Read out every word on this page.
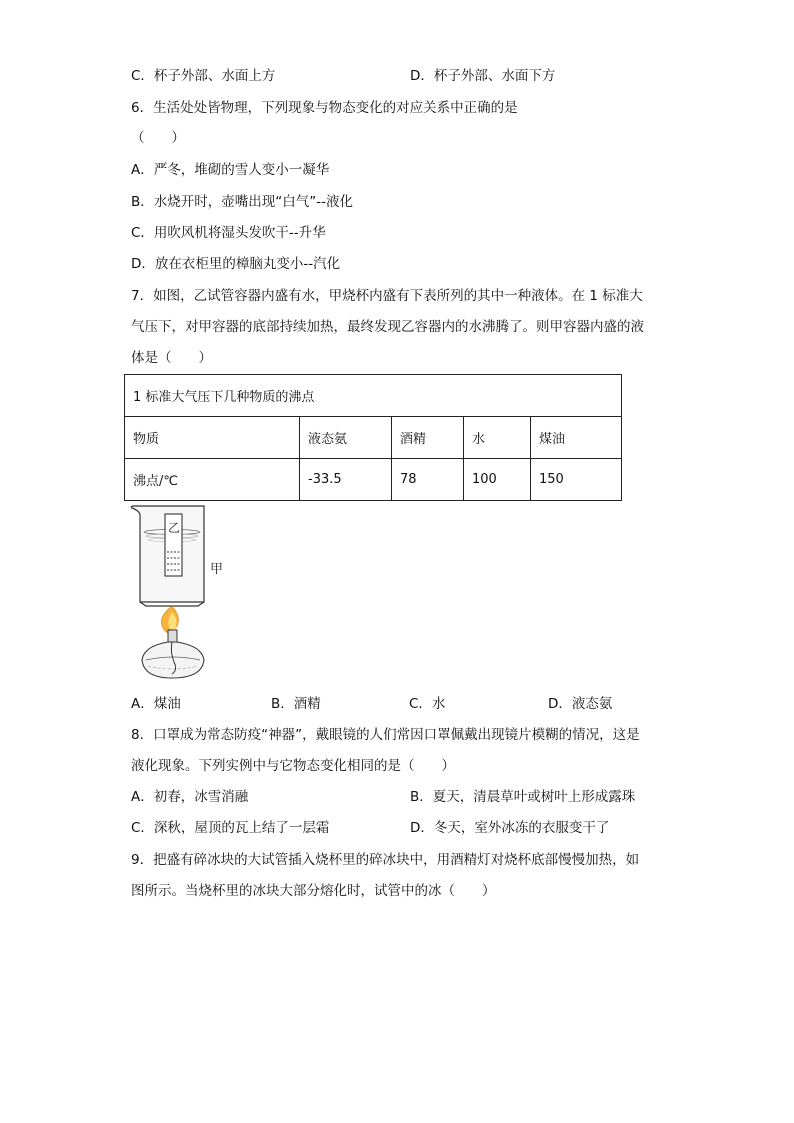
C．杯子外部、水面上方	D．杯子外部、水面下方
6．生活处处皆物理，下列现象与物态变化的对应关系中正确的是
（　　）
A．严冬，堆砌的雪人变小一凝华
B．水烧开时，壶嘴出现“白气”--液化
C．用吹风机将湿头发吹干--升华
D．放在衣柜里的樟脑丸变小--汽化
7．如图，乙试管容器内盛有水，甲烧杯内盛有下表所列的其中一种液体。在 1 标准大
气压下，对甲容器的底部持续加热，最终发现乙容器内的水沸腾了。则甲容器内盛的液
体是（　　）
1 标准大气压下几种物质的沸点				
物质	液态氨	酒精	水	煤油
沸点/℃	-33.5	78	100	150
乙
甲
A．煤油	B．酒精	C．水	D．液态氨
8．口罩成为常态防疫“神器”，戴眼镜的人们常因口罩佩戴出现镜片模糊的情况，这是
液化现象。下列实例中与它物态变化相同的是（　　）
A．初春，冰雪消融	B．夏天，清晨草叶或树叶上形成露珠
C．深秋，屋顶的瓦上结了一层霜	D．冬天，室外冰冻的衣服变干了
9．把盛有碎冰块的大试管插入烧杯里的碎冰块中，用酒精灯对烧杯底部慢慢加热，如
图所示。当烧杯里的冰块大部分熔化时，试管中的冰（　　）
